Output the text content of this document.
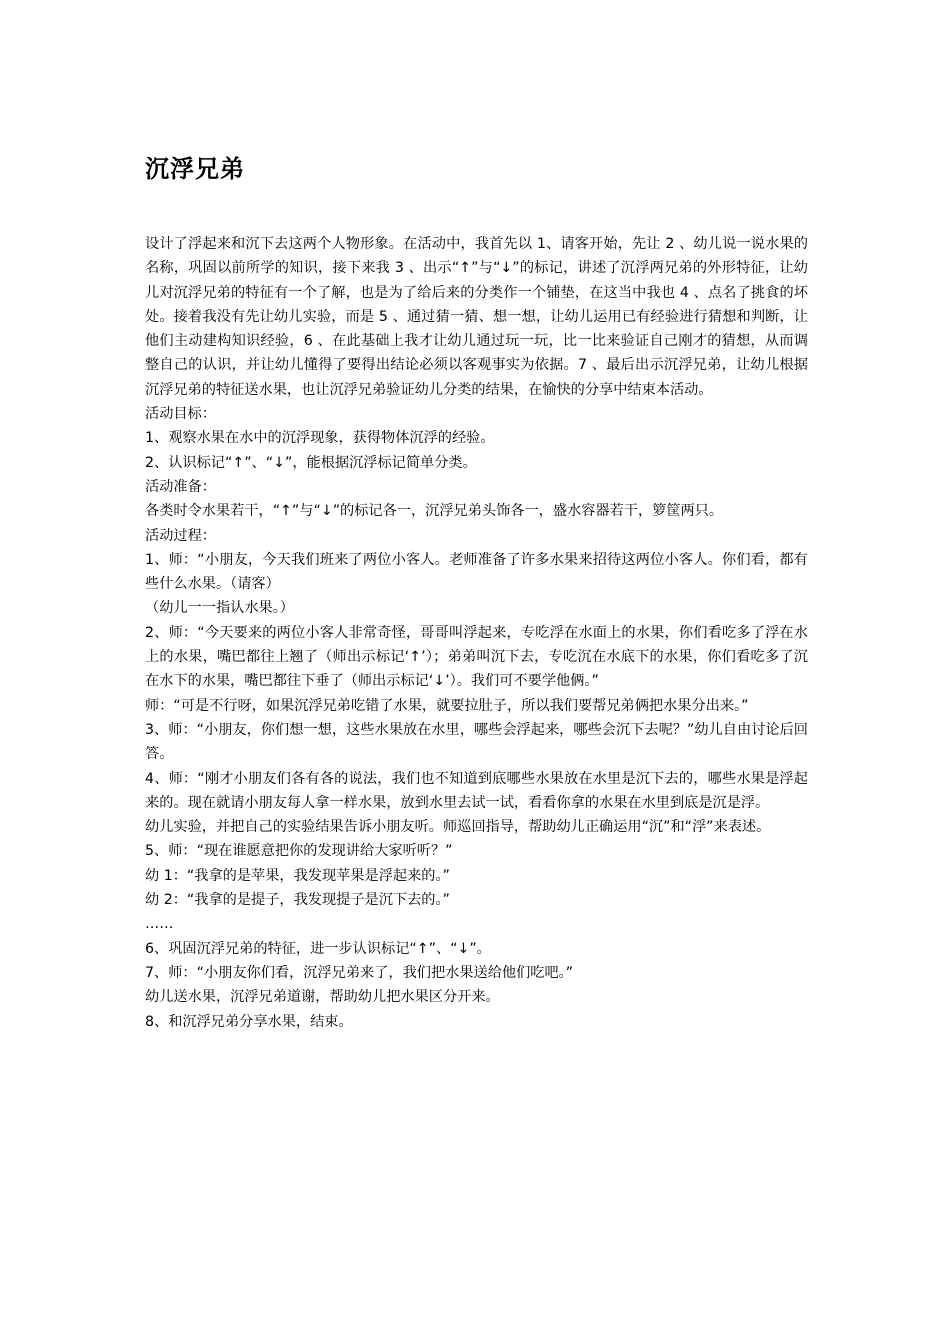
沉浮兄弟

设计了浮起来和沉下去这两个人物形象。在活动中，我首先以 1、请客开始，先让 2 、幼儿说一说水果的名称，巩固以前所学的知识，接下来我 3 、出示“↑”与“↓”的标记，讲述了沉浮两兄弟的外形特征，让幼儿对沉浮兄弟的特征有一个了解，也是为了给后来的分类作一个铺垫，在这当中我也 4 、点名了挑食的坏处。接着我没有先让幼儿实验，而是 5 、通过猜一猜、想一想，让幼儿运用已有经验进行猜想和判断，让他们主动建构知识经验，6 、在此基础上我才让幼儿通过玩一玩，比一比来验证自己刚才的猜想，从而调整自己的认识，并让幼儿懂得了要得出结论必须以客观事实为依据。7 、最后出示沉浮兄弟，让幼儿根据沉浮兄弟的特征送水果，也让沉浮兄弟验证幼儿分类的结果，在愉快的分享中结束本活动。

活动目标：

1、观察水果在水中的沉浮现象，获得物体沉浮的经验。

2、认识标记“↑”、“↓”，能根据沉浮标记简单分类。

活动准备：

各类时令水果若干，“↑”与“↓”的标记各一，沉浮兄弟头饰各一，盛水容器若干，箩筐两只。

活动过程：

1、师：“小朋友，今天我们班来了两位小客人。老师准备了许多水果来招待这两位小客人。你们看，都有些什么水果。（请客）

（幼儿一一指认水果。）

2、师：“今天要来的两位小客人非常奇怪，哥哥叫浮起来，专吃浮在水面上的水果，你们看吃多了浮在水上的水果，嘴巴都往上翘了（师出示标记‘↑’）；弟弟叫沉下去，专吃沉在水底下的水果，你们看吃多了沉在水下的水果，嘴巴都往下垂了（师出示标记‘↓’）。我们可不要学他俩。”

师：“可是不行呀，如果沉浮兄弟吃错了水果，就要拉肚子，所以我们要帮兄弟俩把水果分出来。”

3、师：“小朋友，你们想一想，这些水果放在水里，哪些会浮起来，哪些会沉下去呢？”幼儿自由讨论后回答。

4、师：“刚才小朋友们各有各的说法，我们也不知道到底哪些水果放在水里是沉下去的，哪些水果是浮起来的。现在就请小朋友每人拿一样水果，放到水里去试一试，看看你拿的水果在水里到底是沉是浮。

幼儿实验，并把自己的实验结果告诉小朋友听。师巡回指导，帮助幼儿正确运用“沉”和“浮”来表述。

5、师：“现在谁愿意把你的发现讲给大家听听？”

幼 1：“我拿的是苹果，我发现苹果是浮起来的。”

幼 2：“我拿的是提子，我发现提子是沉下去的。”

……

6、巩固沉浮兄弟的特征，进一步认识标记“↑”、“↓”。

7、师：“小朋友你们看，沉浮兄弟来了，我们把水果送给他们吃吧。”

幼儿送水果，沉浮兄弟道谢，帮助幼儿把水果区分开来。

8、和沉浮兄弟分享水果，结束。
